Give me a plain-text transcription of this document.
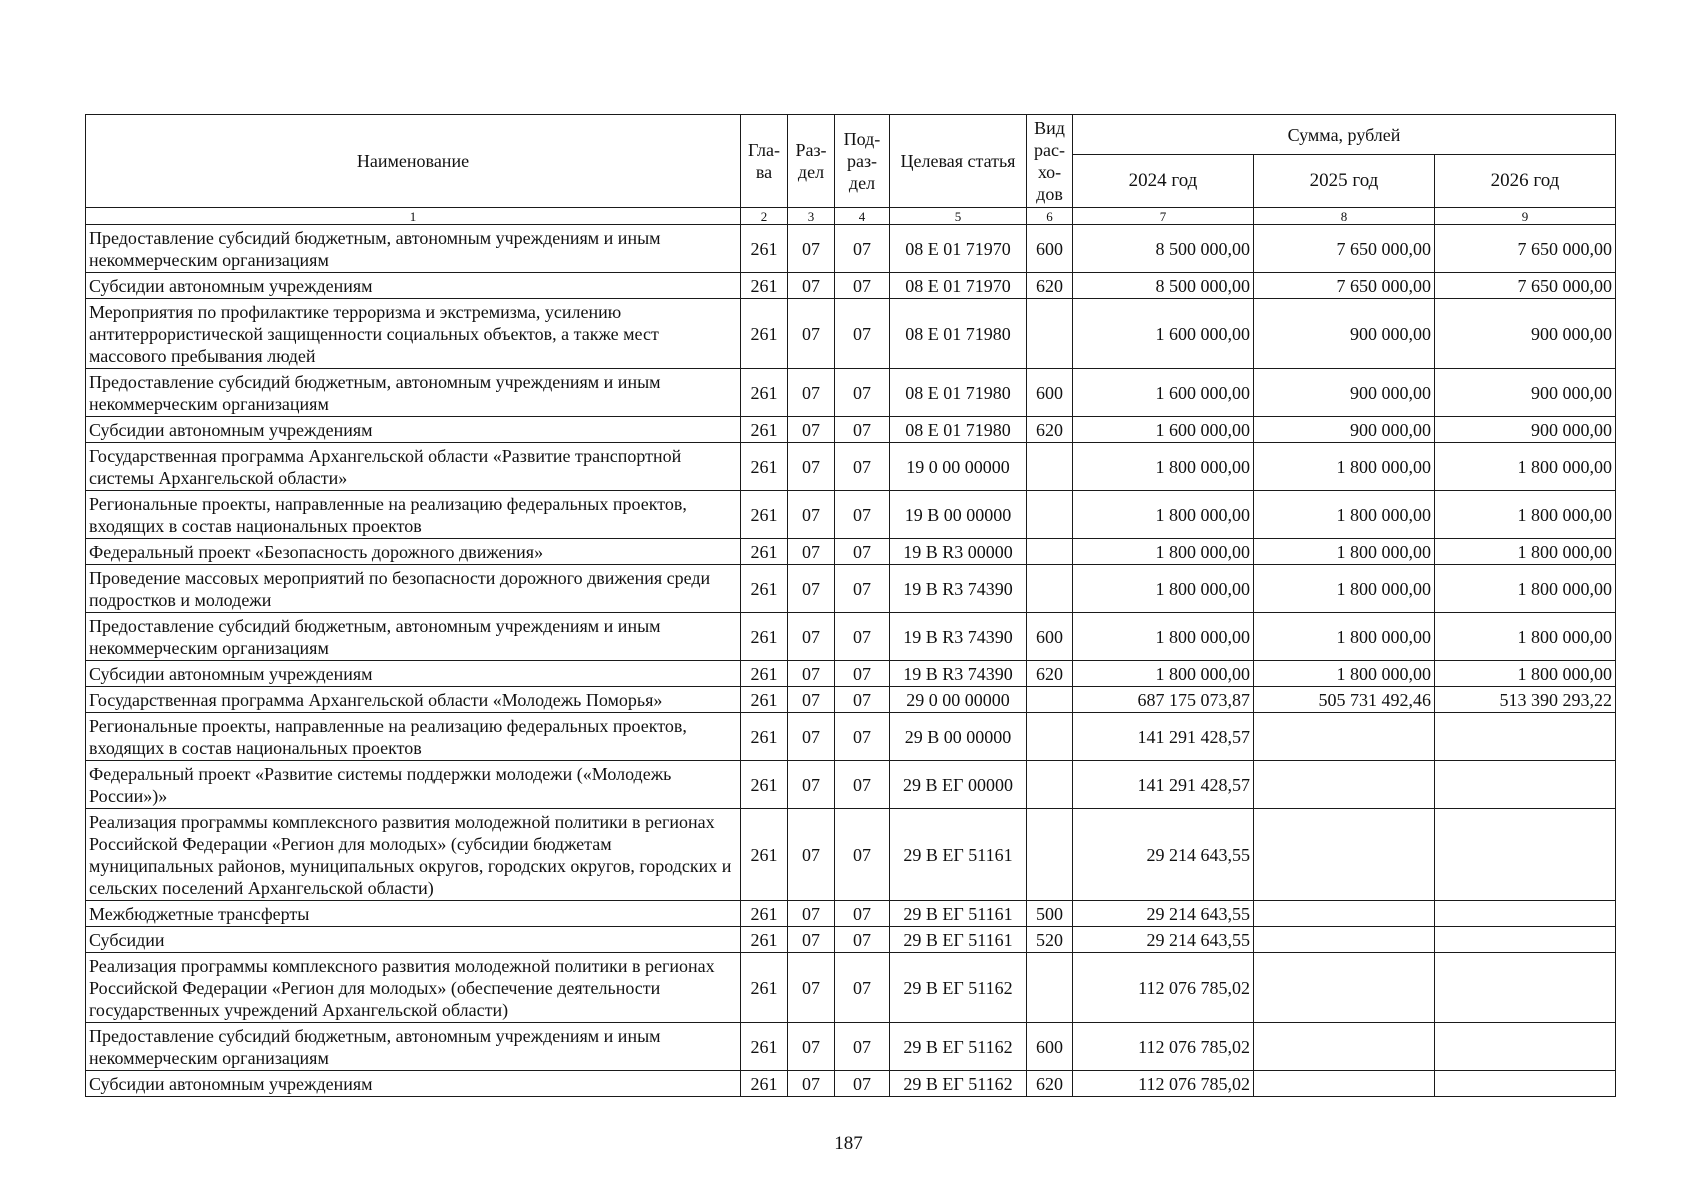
Наименование	Гла-ва	Раз-дел	Под-раз-дел	Целевая статья	Вид рас-хо-дов	Сумма, рублей		
						2024 год	2025 год	2026 год
1	2	3	4	5	6	7	8	9
Предоставление субсидий бюджетным, автономным учреждениям и иным некоммерческим организациям	261	07	07	08 Е 01 71970	600	8 500 000,00	7 650 000,00	7 650 000,00
Субсидии автономным учреждениям	261	07	07	08 Е 01 71970	620	8 500 000,00	7 650 000,00	7 650 000,00
Мероприятия по профилактике терроризма и экстремизма, усилению антитеррористической защищенности социальных объектов, а также мест массового пребывания людей	261	07	07	08 Е 01 71980		1 600 000,00	900 000,00	900 000,00
Предоставление субсидий бюджетным, автономным учреждениям и иным некоммерческим организациям	261	07	07	08 Е 01 71980	600	1 600 000,00	900 000,00	900 000,00
Субсидии автономным учреждениям	261	07	07	08 Е 01 71980	620	1 600 000,00	900 000,00	900 000,00
Государственная программа Архангельской области «Развитие транспортной системы Архангельской области»	261	07	07	19 0 00 00000		1 800 000,00	1 800 000,00	1 800 000,00
Региональные проекты, направленные на реализацию федеральных проектов, входящих в состав национальных проектов	261	07	07	19 В 00 00000		1 800 000,00	1 800 000,00	1 800 000,00
Федеральный проект «Безопасность дорожного движения»	261	07	07	19 В R3 00000		1 800 000,00	1 800 000,00	1 800 000,00
Проведение массовых мероприятий по безопасности дорожного движения среди подростков и молодежи	261	07	07	19 В R3 74390		1 800 000,00	1 800 000,00	1 800 000,00
Предоставление субсидий бюджетным, автономным учреждениям и иным некоммерческим организациям	261	07	07	19 В R3 74390	600	1 800 000,00	1 800 000,00	1 800 000,00
Субсидии автономным учреждениям	261	07	07	19 В R3 74390	620	1 800 000,00	1 800 000,00	1 800 000,00
Государственная программа Архангельской области «Молодежь Поморья»	261	07	07	29 0 00 00000		687 175 073,87	505 731 492,46	513 390 293,22
Региональные проекты, направленные на реализацию федеральных проектов, входящих в состав национальных проектов	261	07	07	29 В 00 00000		141 291 428,57		
Федеральный проект «Развитие системы поддержки молодежи («Молодежь России»)»	261	07	07	29 В ЕГ 00000		141 291 428,57		
Реализация программы комплексного развития молодежной политики в регионах Российской Федерации «Регион для молодых» (субсидии бюджетам муниципальных районов, муниципальных округов, городских округов, городских и сельских поселений Архангельской области)	261	07	07	29 В ЕГ 51161		29 214 643,55		
Межбюджетные трансферты	261	07	07	29 В ЕГ 51161	500	29 214 643,55		
Субсидии	261	07	07	29 В ЕГ 51161	520	29 214 643,55		
Реализация программы комплексного развития молодежной политики в регионах Российской Федерации «Регион для молодых» (обеспечение деятельности государственных учреждений Архангельской области)	261	07	07	29 В ЕГ 51162		112 076 785,02		
Предоставление субсидий бюджетным, автономным учреждениям и иным некоммерческим организациям	261	07	07	29 В ЕГ 51162	600	112 076 785,02		
Субсидии автономным учреждениям	261	07	07	29 В ЕГ 51162	620	112 076 785,02		
187
